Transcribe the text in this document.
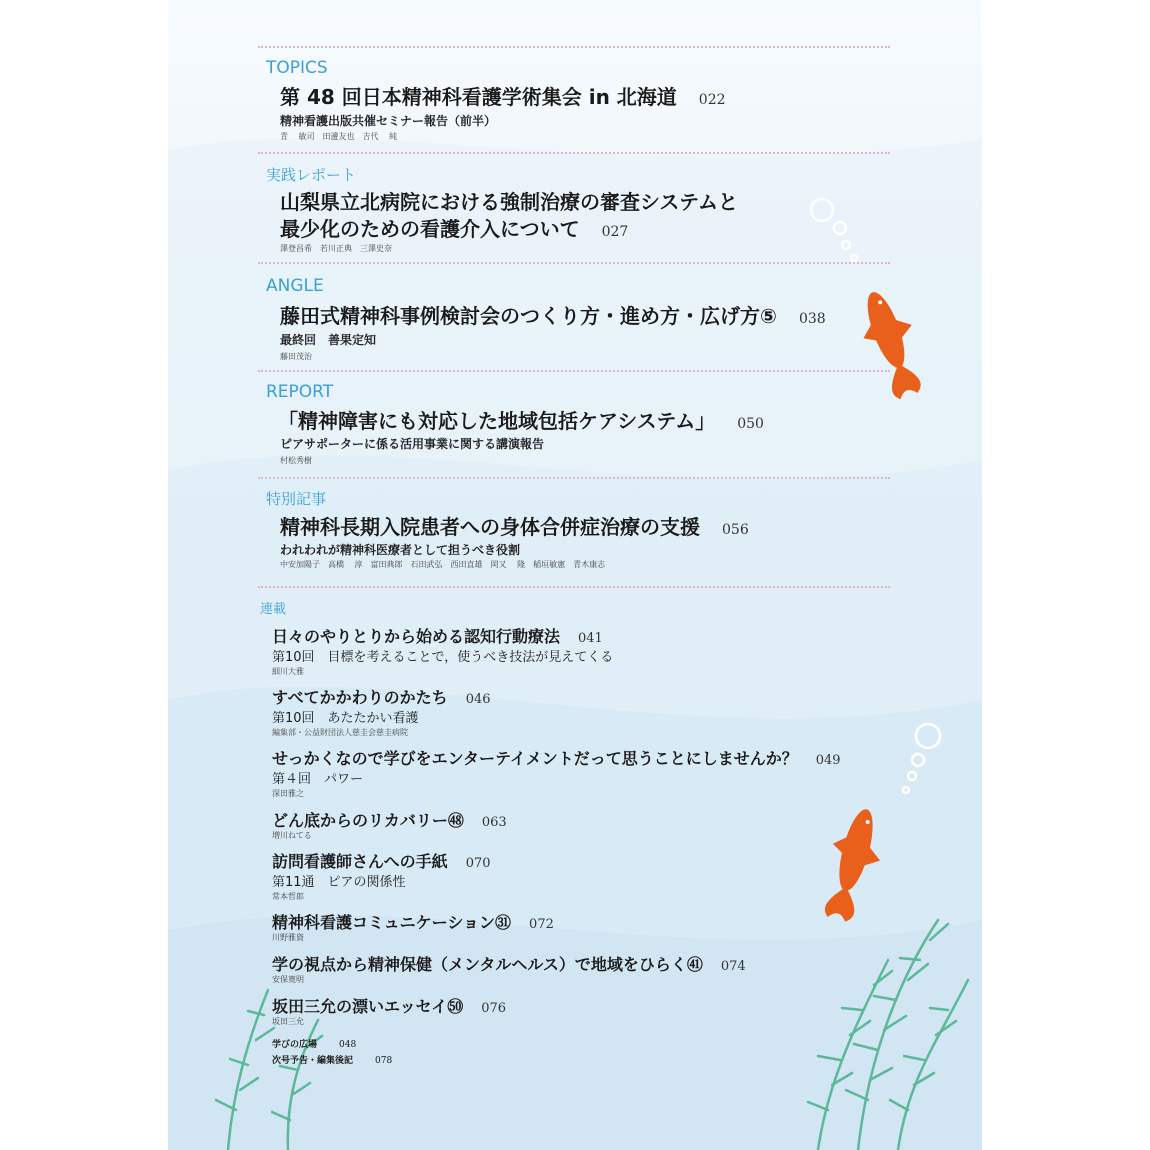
TOPICS
第 48 回日本精神科看護学術集会 in 北海道 022
精神看護出版共催セミナー報告（前半）
青 敏司　田邊友也　吉代 純
実践レポート
山梨県立北病院における強制治療の審査システムと
最少化のための看護介入について 027
澤登昌希　若川正典　三澤史奈
ANGLE
藤田式精神科事例検討会のつくり方・進め方・広げ方⑤ 038
最終回　善果定知
藤田茂治
REPORT
「精神障害にも対応した地域包括ケアシステム」 050
ピアサポーターに係る活用事業に関する講演報告
村松秀樹
特別記事
精神科長期入院患者への身体合併症治療の支援 056
われわれが精神科医療者として担うべき役割
中安加陽子　高橋 淳　富田典郎　石田武弘　西田直雄　岡又 隆　稲垣敏憲　青木康志
連載
日々のやりとりから始める認知行動療法 041
第10回　目標を考えることで，使うべき技法が見えてくる
細川大雅
すべてかかわりのかたち 046
第10回　あたたかい看護
編集部・公益財団法人慈圭会慈圭病院
せっかくなので学びをエンターテイメントだって思うことにしませんか？ 049
第４回　パワー
深田雅之
どん底からのリカバリー㊽ 063
増川ねてる
訪問看護師さんへの手紙 070
第11通　ピアの関係性
常本哲郎
精神科看護コミュニケーション㉛ 072
川野雅資
学の視点から精神保健（メンタルヘルス）で地域をひらく㊶ 074
安保寛明
坂田三允の漂いエッセイ㊿ 076
坂田三允
学びの広場 048
次号予告・編集後記 078
